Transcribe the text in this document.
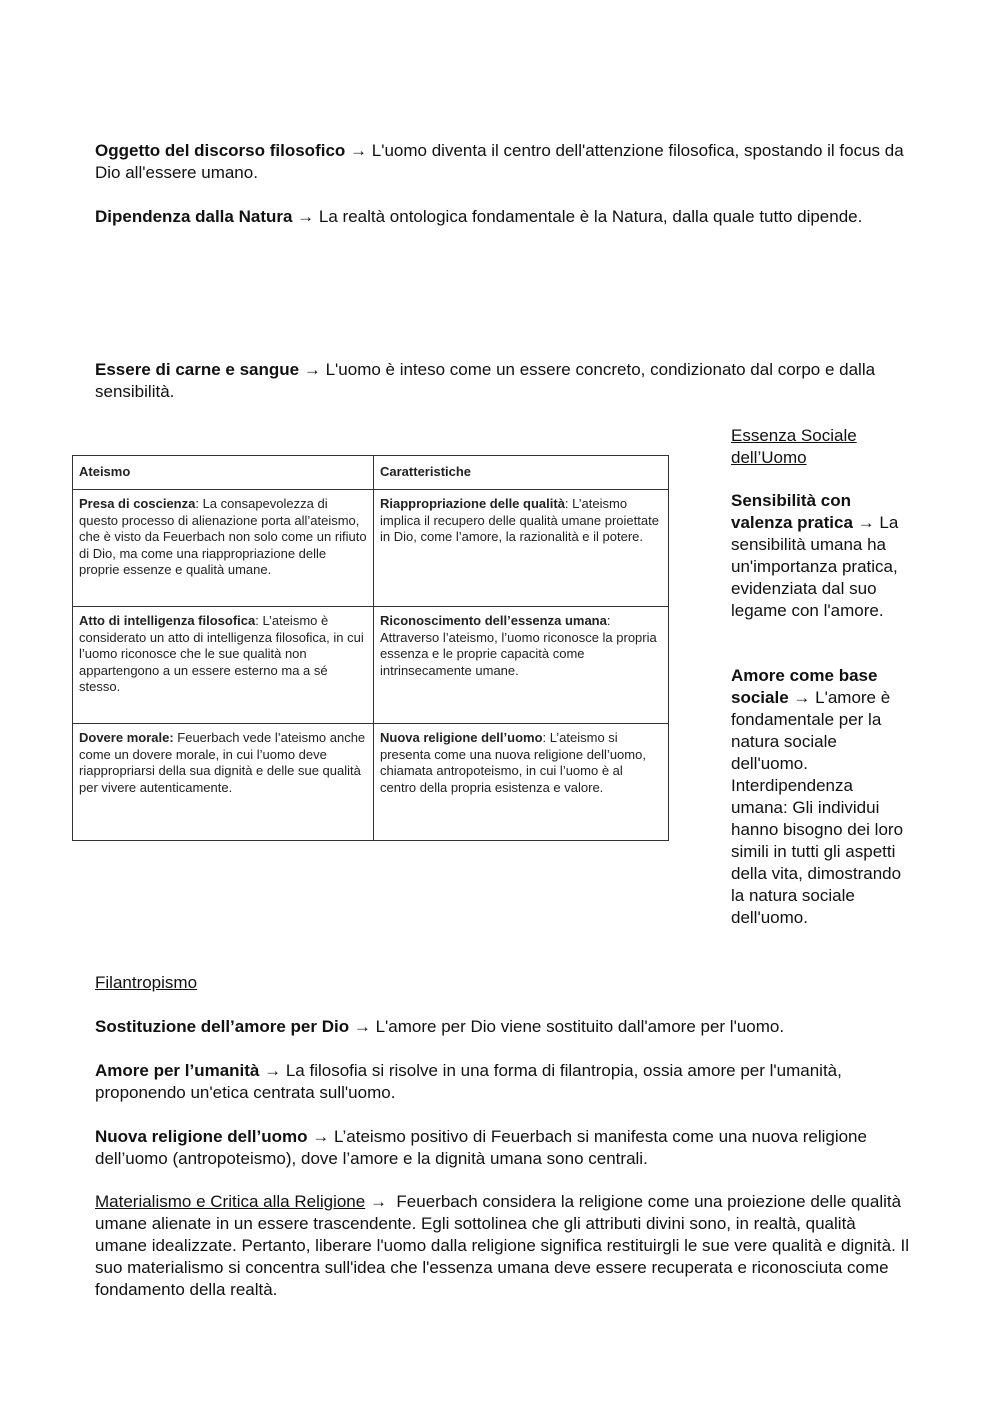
Oggetto del discorso filosofico → L'uomo diventa il centro dell'attenzione filosofica, spostando il focus da Dio all'essere umano.

Dipendenza dalla Natura → La realtà ontologica fondamentale è la Natura, dalla quale tutto dipende.

Essere di carne e sangue → L'uomo è inteso come un essere concreto, condizionato dal corpo e dalla sensibilità.

Ateismo	Caratteristiche
Presa di coscienza: La consapevolezza di questo processo di alienazione porta all’ateismo, che è visto da Feuerbach non solo come un rifiuto di Dio, ma come una riappropriazione delle proprie essenze e qualità umane.	Riappropriazione delle qualità: L’ateismo implica il recupero delle qualità umane proiettate in Dio, come l’amore, la razionalità e il potere.
Atto di intelligenza filosofica: L’ateismo è considerato un atto di intelligenza filosofica, in cui l’uomo riconosce che le sue qualità non appartengono a un essere esterno ma a sé stesso.	Riconoscimento dell’essenza umana: Attraverso l’ateismo, l’uomo riconosce la propria essenza e le proprie capacità come intrinsecamente umane.
Dovere morale: Feuerbach vede l’ateismo anche come un dovere morale, in cui l’uomo deve riappropriarsi della sua dignità e delle sue qualità per vivere autenticamente.	Nuova religione dell’uomo: L’ateismo si presenta come una nuova religione dell’uomo, chiamata antropoteismo, in cui l’uomo è al centro della propria esistenza e valore.

Essenza Sociale dell’Uomo

Sensibilità con valenza pratica → La sensibilità umana ha un'importanza pratica, evidenziata dal suo legame con l'amore.

Amore come base sociale → L'amore è fondamentale per la natura sociale dell'uomo. Interdipendenza umana: Gli individui hanno bisogno dei loro simili in tutti gli aspetti della vita, dimostrando la natura sociale dell'uomo.

Filantropismo

Sostituzione dell’amore per Dio → L'amore per Dio viene sostituito dall'amore per l'uomo.

Amore per l’umanità → La filosofia si risolve in una forma di filantropia, ossia amore per l'umanità, proponendo un'etica centrata sull'uomo.

Nuova religione dell’uomo → L’ateismo positivo di Feuerbach si manifesta come una nuova religione dell’uomo (antropoteismo), dove l’amore e la dignità umana sono centrali.

Materialismo e Critica alla Religione → Feuerbach considera la religione come una proiezione delle qualità umane alienate in un essere trascendente. Egli sottolinea che gli attributi divini sono, in realtà, qualità umane idealizzate. Pertanto, liberare l'uomo dalla religione significa restituirgli le sue vere qualità e dignità. Il suo materialismo si concentra sull'idea che l'essenza umana deve essere recuperata e riconosciuta come fondamento della realtà.
